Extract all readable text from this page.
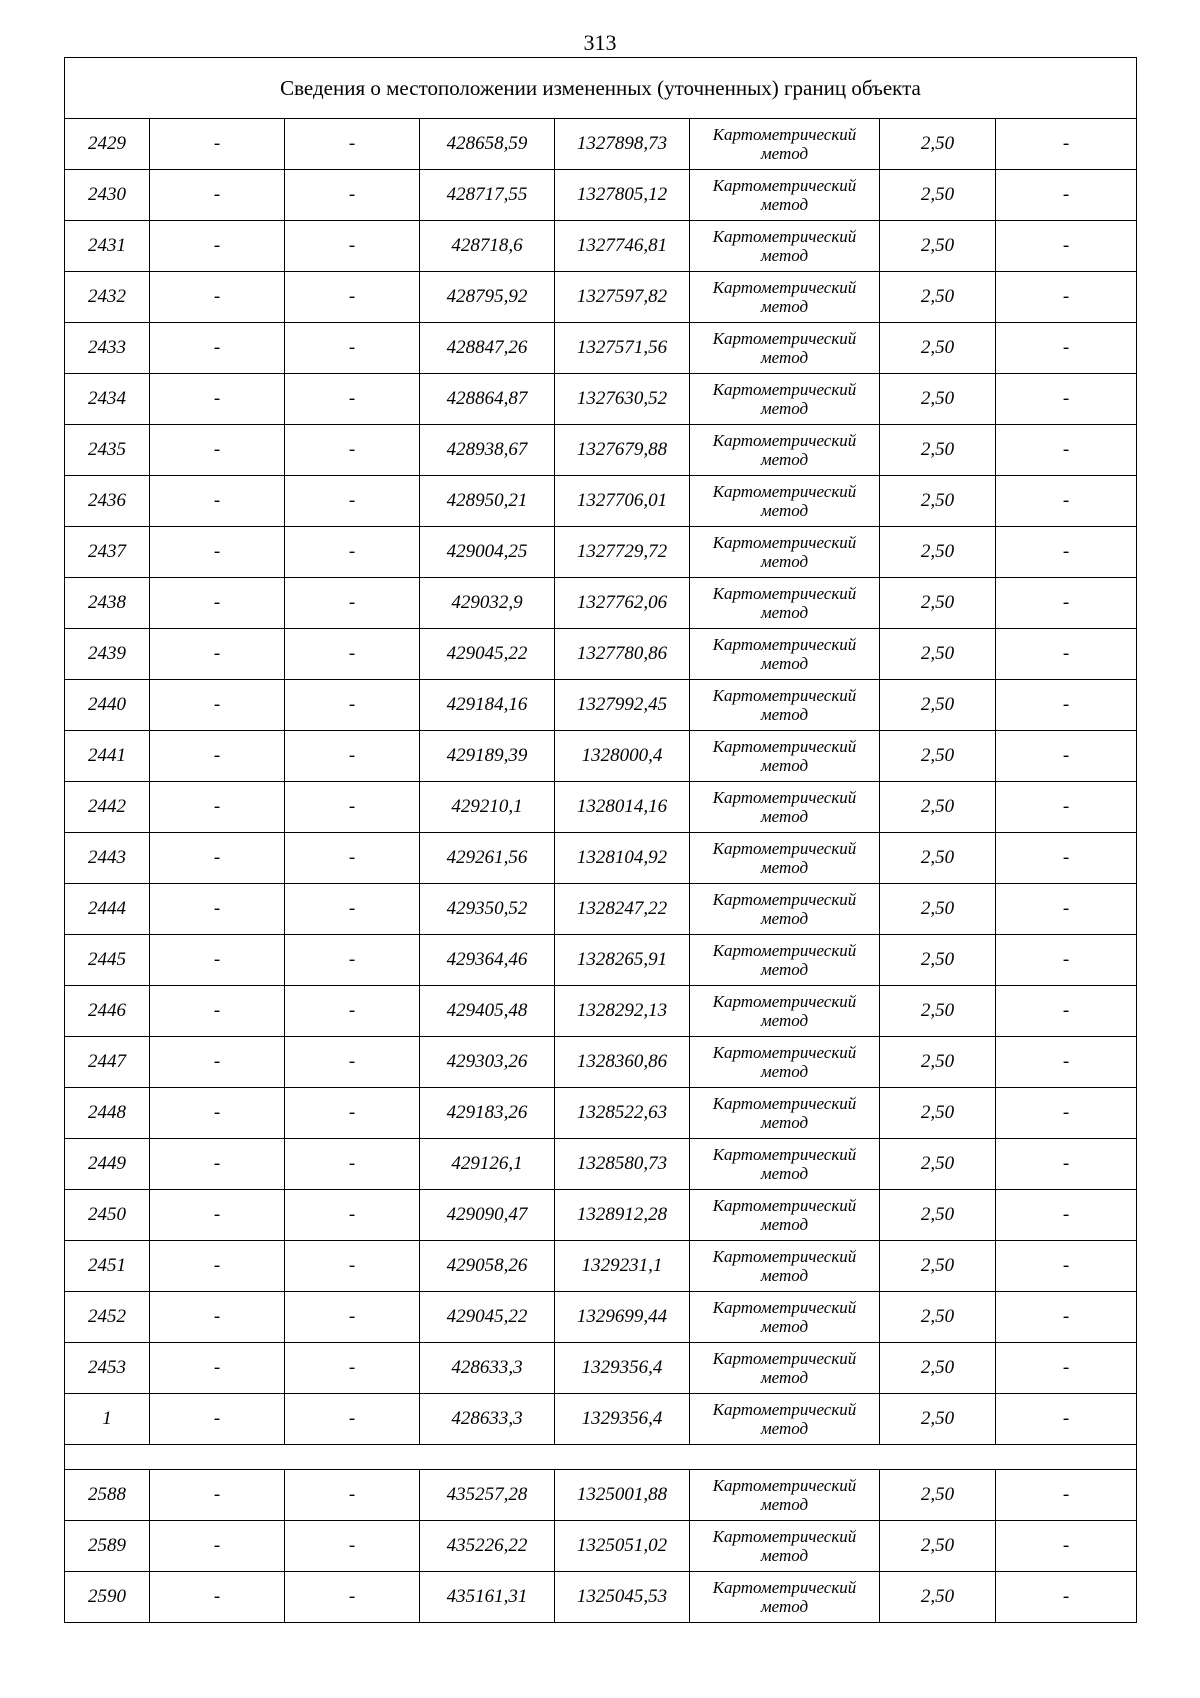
313
Сведения о местоположении измененных (уточненных) границ объекта							
2429	-	-	428658,59	1327898,73	Картометрический метод	2,50	-
2430	-	-	428717,55	1327805,12	Картометрический метод	2,50	-
2431	-	-	428718,6	1327746,81	Картометрический метод	2,50	-
2432	-	-	428795,92	1327597,82	Картометрический метод	2,50	-
2433	-	-	428847,26	1327571,56	Картометрический метод	2,50	-
2434	-	-	428864,87	1327630,52	Картометрический метод	2,50	-
2435	-	-	428938,67	1327679,88	Картометрический метод	2,50	-
2436	-	-	428950,21	1327706,01	Картометрический метод	2,50	-
2437	-	-	429004,25	1327729,72	Картометрический метод	2,50	-
2438	-	-	429032,9	1327762,06	Картометрический метод	2,50	-
2439	-	-	429045,22	1327780,86	Картометрический метод	2,50	-
2440	-	-	429184,16	1327992,45	Картометрический метод	2,50	-
2441	-	-	429189,39	1328000,4	Картометрический метод	2,50	-
2442	-	-	429210,1	1328014,16	Картометрический метод	2,50	-
2443	-	-	429261,56	1328104,92	Картометрический метод	2,50	-
2444	-	-	429350,52	1328247,22	Картометрический метод	2,50	-
2445	-	-	429364,46	1328265,91	Картометрический метод	2,50	-
2446	-	-	429405,48	1328292,13	Картометрический метод	2,50	-
2447	-	-	429303,26	1328360,86	Картометрический метод	2,50	-
2448	-	-	429183,26	1328522,63	Картометрический метод	2,50	-
2449	-	-	429126,1	1328580,73	Картометрический метод	2,50	-
2450	-	-	429090,47	1328912,28	Картометрический метод	2,50	-
2451	-	-	429058,26	1329231,1	Картометрический метод	2,50	-
2452	-	-	429045,22	1329699,44	Картометрический метод	2,50	-
2453	-	-	428633,3	1329356,4	Картометрический метод	2,50	-
1	-	-	428633,3	1329356,4	Картометрический метод	2,50	-

2588	-	-	435257,28	1325001,88	Картометрический метод	2,50	-
2589	-	-	435226,22	1325051,02	Картометрический метод	2,50	-
2590	-	-	435161,31	1325045,53	Картометрический метод	2,50	-
